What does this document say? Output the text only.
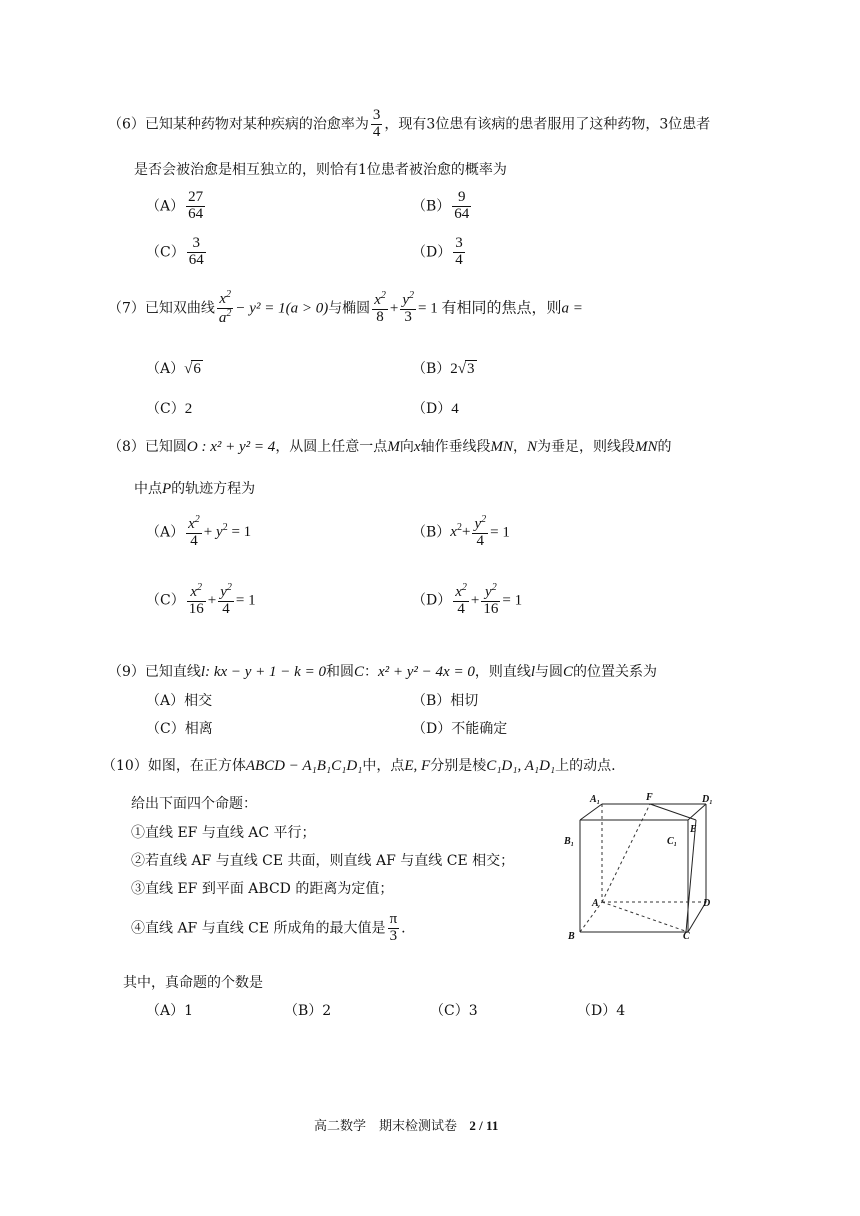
（6）已知某种药物对某种疾病的治愈率为 $\frac{3}{4}$ ，现有3位患有该病的患者服用了这种药物，3位患者
是否会被治愈是相互独立的，则恰有1位患者被治愈的概率为
$(A) \frac{27}{64}$	$(B) \frac{9}{64}$
$(C) \frac{3}{64}$	$(D) \frac{3}{4}$
（7）已知双曲线 $\frac{x^2}{a^2} - y^2 = 1(a > 0)$与椭圆 $\frac{x^2}{8} + \frac{y^2}{3} = 1$ 有相同的焦点，则a =
（A）√6	（B）2√3
（C）2	（D）4
（8）已知圆O : x² + y² = 4，从圆上任意一点M向x轴作垂线段MN，N为垂足，则线段MN的
中点P的轨迹方程为
$(A) \frac{x^2}{4} + y^2 = 1$	$(B)x^2+ \frac{y^2}{4} = 1$
$(C) \frac{x^2}{16} + \frac{y^2}{4} = 1$	$(D) \frac{x^2}{4} + \frac{y^2}{16} = 1$
（9）已知直线l: kx − y + 1 − k = 0和圆C：x² + y² − 4x = 0，则直线l与圆C的位置关系为
（A）相交	（B）相切
（C）相离	（D）不能确定
（10）如图，在正方体ABCD − A₁B₁C₁D₁中，点E, F分别是棱C₁D₁, A₁D₁上的动点.
给出下面四个命题：
①直线 EF 与直线 AC 平行；
②若直线 AF 与直线 CE 共面，则直线 AF 与直线 CE 相交；
③直线 EF 到平面 ABCD 的距离为定值；
④直线 AF 与直线 CE 所成角的最大值是 $\frac{\pi}{3}$ .
A₁	F	D₁
E
B₁	C₁
A	D
B	C
其中，真命题的个数是
（A）1	（B）2	（C）3	（D）4
高二数学　期末检测试卷 2 / 11
